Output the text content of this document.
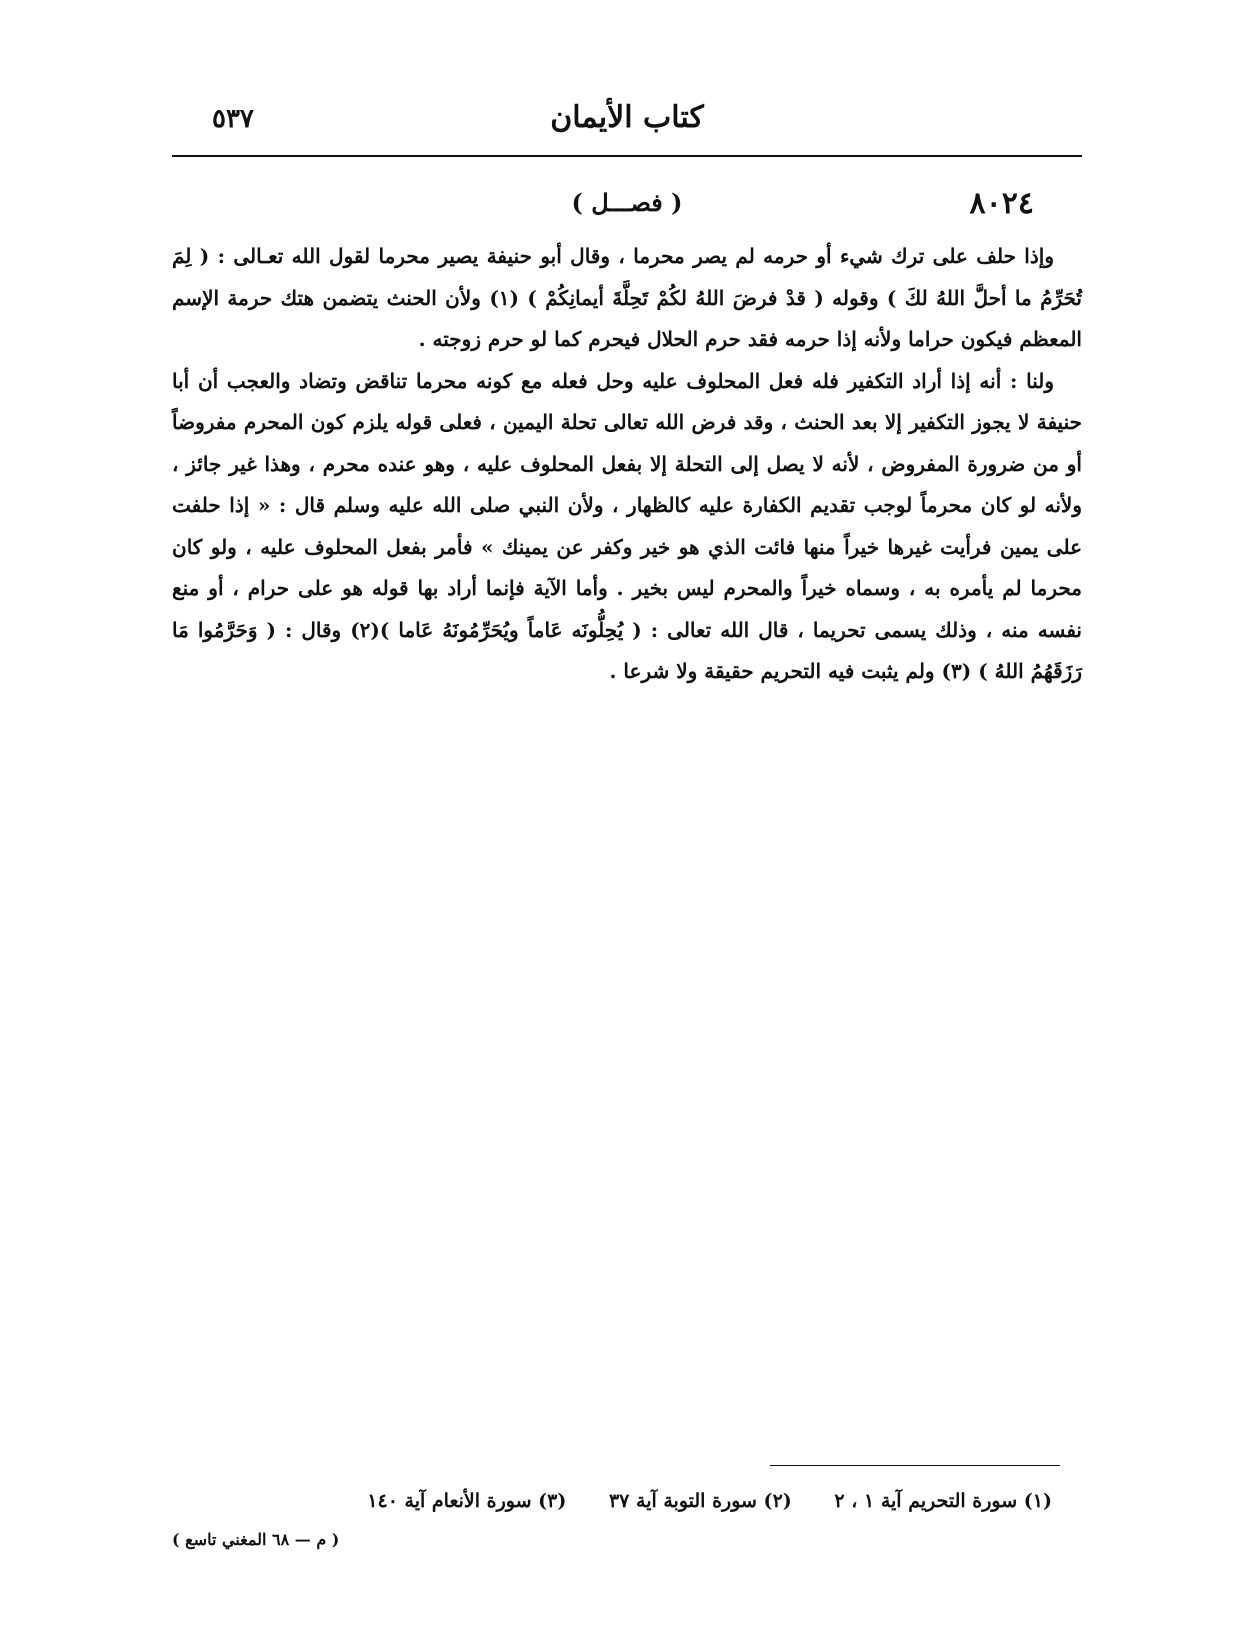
كتاب الأيمان
٥٣٧
٨٠٢٤
( فصـــل )

وإذا حلف على ترك شيء أو حرمه لم يصر محرما ، وقال أبو حنيفة يصير محرما لقول الله تعـالى : ( لِمَ تُحَرِّمُ ما أحلَّ اللهُ لكَ ) وقوله ( قدْ فرضَ اللهُ لكُمْ تَحِلَّةَ أيمانِكُمْ ) (١) ولأن الحنث يتضمن هتك حرمة الإسم المعظم فيكون حراما ولأنه إذا حرمه فقد حرم الحلال فيحرم كما لو حرم زوجته .

ولنا : أنه إذا أراد التكفير فله فعل المحلوف عليه وحل فعله مع كونه محرما تناقض وتضاد والعجب أن أبا حنيفة لا يجوز التكفير إلا بعد الحنث ، وقد فرض الله تعالى تحلة اليمين ، فعلى قوله يلزم كون المحرم مفروضاً أو من ضرورة المفروض ، لأنه لا يصل إلى التحلة إلا بفعل المحلوف عليه ، وهو عنده محرم ، وهذا غير جائز ، ولأنه لو كان محرماً لوجب تقديم الكفارة عليه كالظهار ، ولأن النبي صلى الله عليه وسلم قال : « إذا حلفت على يمين فرأيت غيرها خيراً منها فائت الذي هو خير وكفر عن يمينك » فأمر بفعل المحلوف عليه ، ولو كان محرما لم يأمره به ، وسماه خيراً والمحرم ليس بخير . وأما الآية فإنما أراد بها قوله هو على حرام ، أو منع نفسه منه ، وذلك يسمى تحريما ، قال الله تعالى : ( يُحِلُّونَه عَاماً ويُحَرِّمُونَهُ عَاما )(٢) وقال : ( وَحَرَّمُوا مَا رَزَقَهُمُ اللهُ ) (٣) ولم يثبت فيه التحريم حقيقة ولا شرعا .

(١) سورة التحريم آية ١ ، ٢ (٢) سورة التوبة آية ٣٧ (٣) سورة الأنعام آية ١٤٠
( م — ٦٨ المغني تاسع )
